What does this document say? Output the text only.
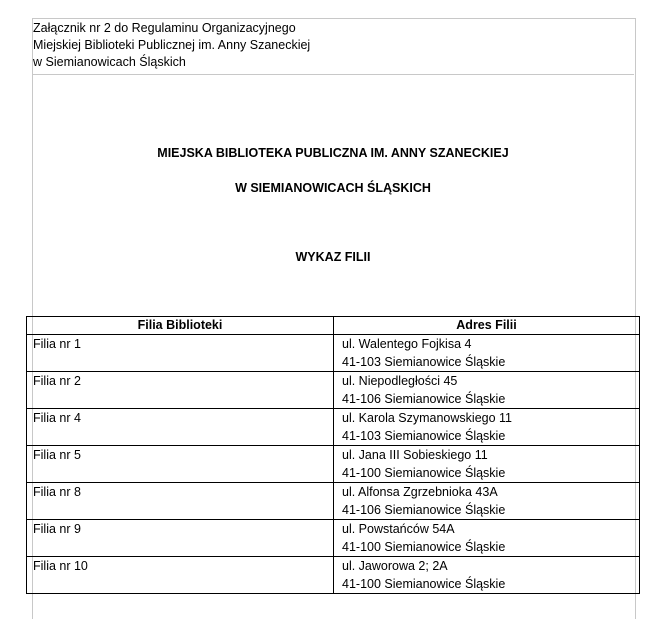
Załącznik nr 2 do Regulaminu Organizacyjnego
Miejskiej Biblioteki Publicznej im. Anny Szaneckiej
w Siemianowicach Śląskich
MIEJSKA BIBLIOTEKA PUBLICZNA IM. ANNY SZANECKIEJ
W SIEMIANOWICACH ŚLĄSKICH
WYKAZ FILII
Filia Biblioteki	Adres Filii
Filia nr 1	ul. Walentego Fojkisa 4
41-103 Siemianowice Śląskie

Filia nr 2	ul. Niepodległości 45
41-106 Siemianowice Śląskie

Filia nr 4	ul. Karola Szymanowskiego 11
41-103 Siemianowice Śląskie

Filia nr 5	ul. Jana III Sobieskiego 11
41-100 Siemianowice Śląskie

Filia nr 8	ul. Alfonsa Zgrzebnioka 43A
41-106 Siemianowice Śląskie

Filia nr 9	ul. Powstańców 54A
41-100 Siemianowice Śląskie

Filia nr 10	ul. Jaworowa 2; 2A
41-100 Siemianowice Śląskie
